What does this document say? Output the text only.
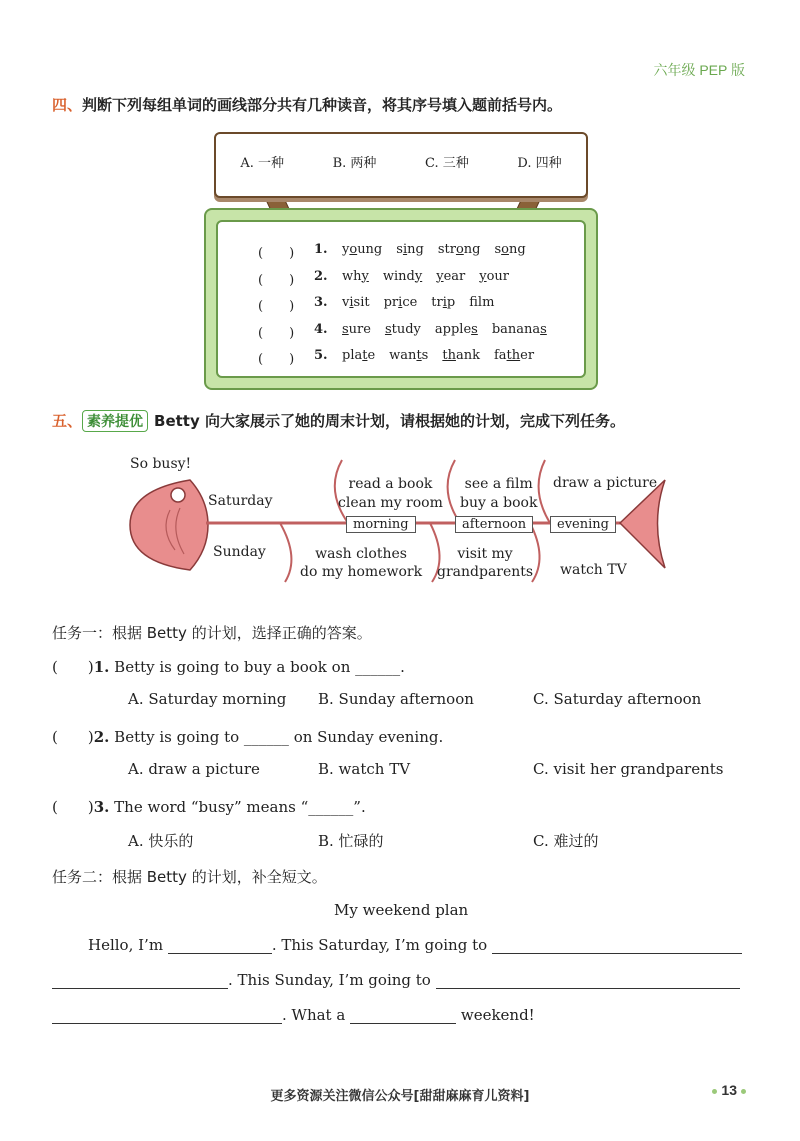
六年级 PEP 版
四、判断下列每组单词的画线部分共有几种读音，将其序号填入题前括号内。
A. 一种	B. 两种	C. 三种	D. 四种
(　　)	1.	young sing strong song
(　　)	2.	why windy year your
(　　)	3.	visit price trip flm
(　　)	4.	sure study apples bananas
(　　)	5.	plate wants thank father
五、 素养提优 Betty 向大家展示了她的周末计划，请根据她的计划，完成下列任务。
So busy!
Saturday
Sunday
morning	afternoon	evening
read a book
clean my room
see a film
buy a book
draw a picture
wash clothes
do my homework
visit my
grandparents watch TV
任务一：根据 Betty 的计划，选择正确的答案。
(　　)1. Betty is going to buy a book on ______.
A. Saturday morning B. Sunday afternoon	C. Saturday afternoon
(　　)2. Betty is going to ______ on Sunday evening.
A. draw a picture	B. watch TV	C. visit her grandparents
(　　)3. The word “busy” means “______”.
A. 快乐的	B. 忙碌的	C. 难过的
任务二：根据 Betty 的计划，补全短文。
My weekend plan
Hello, I’m	. This Saturday, I’m going to
. This Sunday, I’m going to
. What a	weekend!
更多资源关注微信公众号[甜甜麻麻育儿资料]	13
